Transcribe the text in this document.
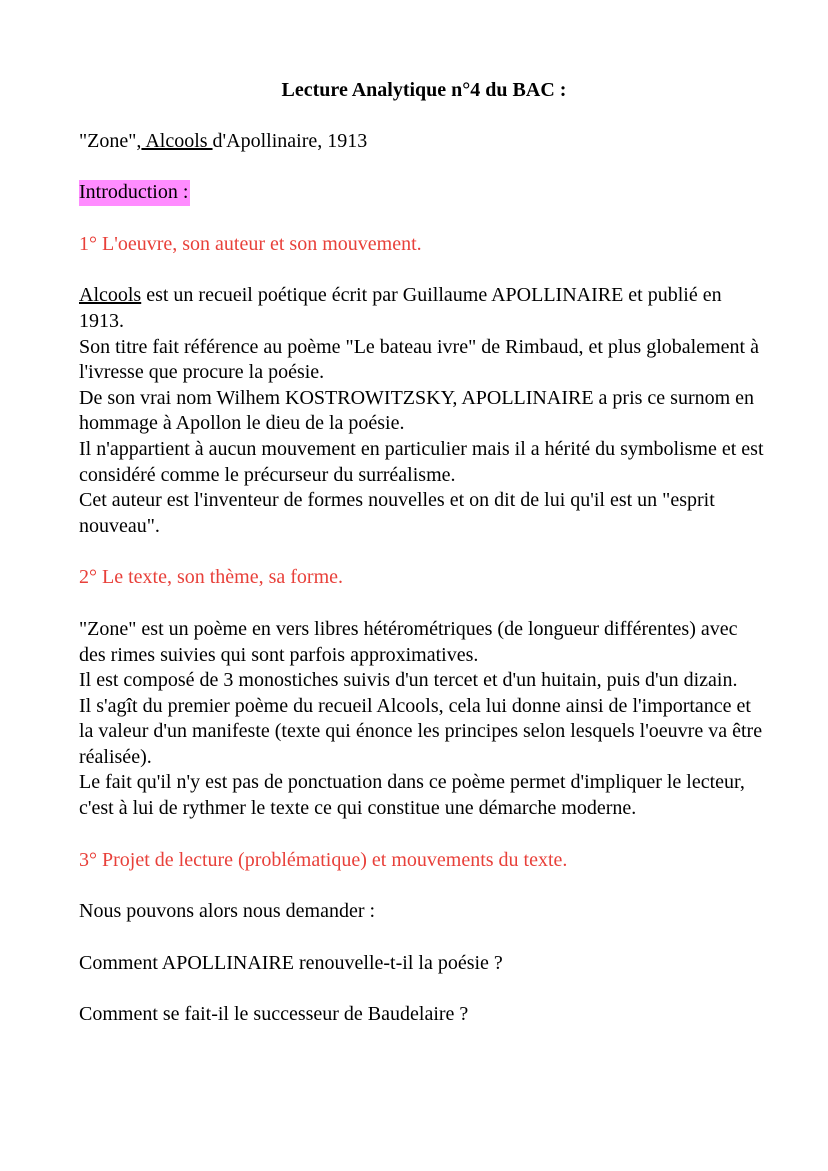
Lecture Analytique n°4 du BAC :

"Zone", Alcools d'Apollinaire, 1913

Introduction :

1° L'oeuvre, son auteur et son mouvement.

Alcools est un recueil poétique écrit par Guillaume APOLLINAIRE et publié en 1913.

Son titre fait référence au poème "Le bateau ivre" de Rimbaud, et plus globalement à l'ivresse que procure la poésie.

De son vrai nom Wilhem KOSTROWITZSKY, APOLLINAIRE a pris ce surnom en hommage à Apollon le dieu de la poésie.

Il n'appartient à aucun mouvement en particulier mais il a hérité du symbolisme et est considéré comme le précurseur du surréalisme.

Cet auteur est l'inventeur de formes nouvelles et on dit de lui qu'il est un "esprit nouveau".

2° Le texte, son thème, sa forme.

"Zone" est un poème en vers libres hétérométriques (de longueur différentes) avec des rimes suivies qui sont parfois approximatives.

Il est composé de 3 monostiches suivis d'un tercet et d'un huitain, puis d'un dizain.

Il s'agît du premier poème du recueil Alcools, cela lui donne ainsi de l'importance et la valeur d'un manifeste (texte qui énonce les principes selon lesquels l'oeuvre va être réalisée).

Le fait qu'il n'y est pas de ponctuation dans ce poème permet d'impliquer le lecteur, c'est à lui de rythmer le texte ce qui constitue une démarche moderne.

3° Projet de lecture (problématique) et mouvements du texte.

Nous pouvons alors nous demander :

Comment APOLLINAIRE renouvelle-t-il la poésie ?

Comment se fait-il le successeur de Baudelaire ?
